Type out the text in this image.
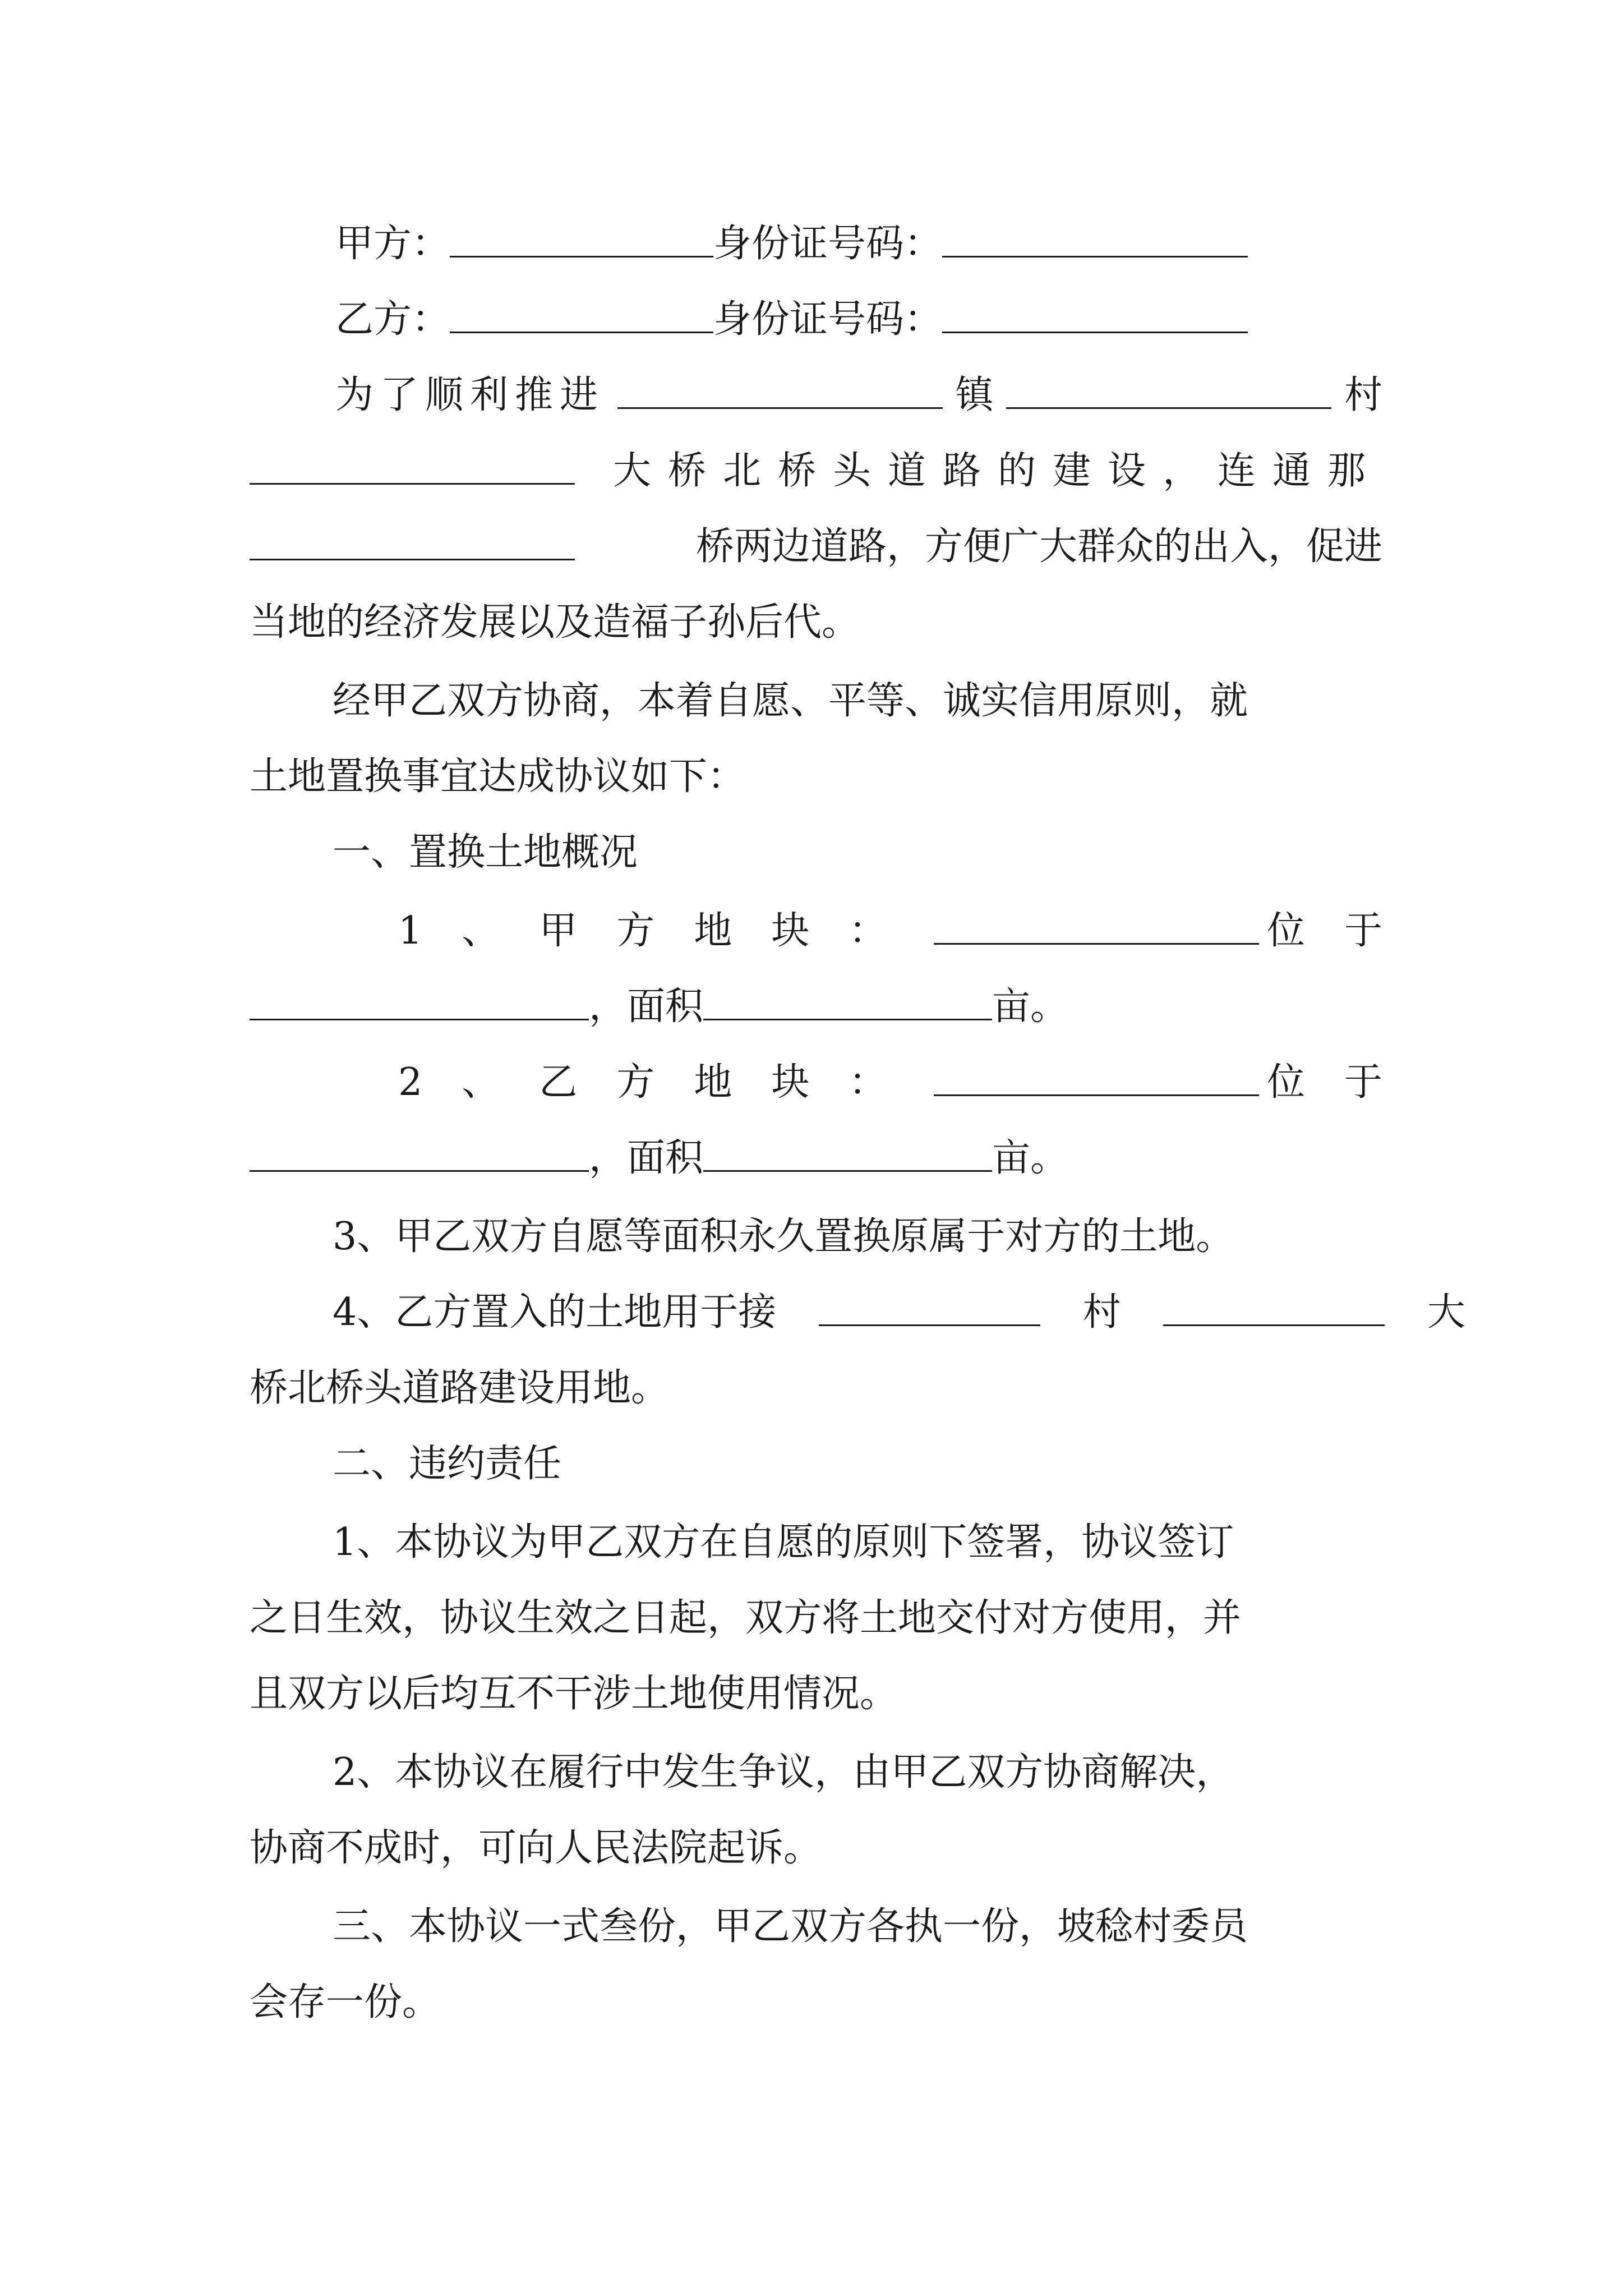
甲方：	身份证号码：
乙方：	身份证号码：
为了顺利推进	镇	村
大桥北桥头道路的建设，连通那
桥两边道路，方便广大群众的出入，促进
当地的经济发展以及造福子孙后代。
经甲乙双方协商，本着自愿、平等、诚实信用原则，就
土地置换事宜达成协议如下：
一、置换土地概况
1、甲方地块：	位于
，面积	亩。
2、乙方地块：	位于
，面积	亩。
3、甲乙双方自愿等面积永久置换原属于对方的土地。
4、乙方置入的土地用于接	村	大
桥北桥头道路建设用地。
二、违约责任
1、本协议为甲乙双方在自愿的原则下签署，协议签订
之日生效，协议生效之日起，双方将土地交付对方使用，并
且双方以后均互不干涉土地使用情况。
2、本协议在履行中发生争议，由甲乙双方协商解决，
协商不成时，可向人民法院起诉。
三、本协议一式叁份，甲乙双方各执一份，坡稔村委员
会存一份。
